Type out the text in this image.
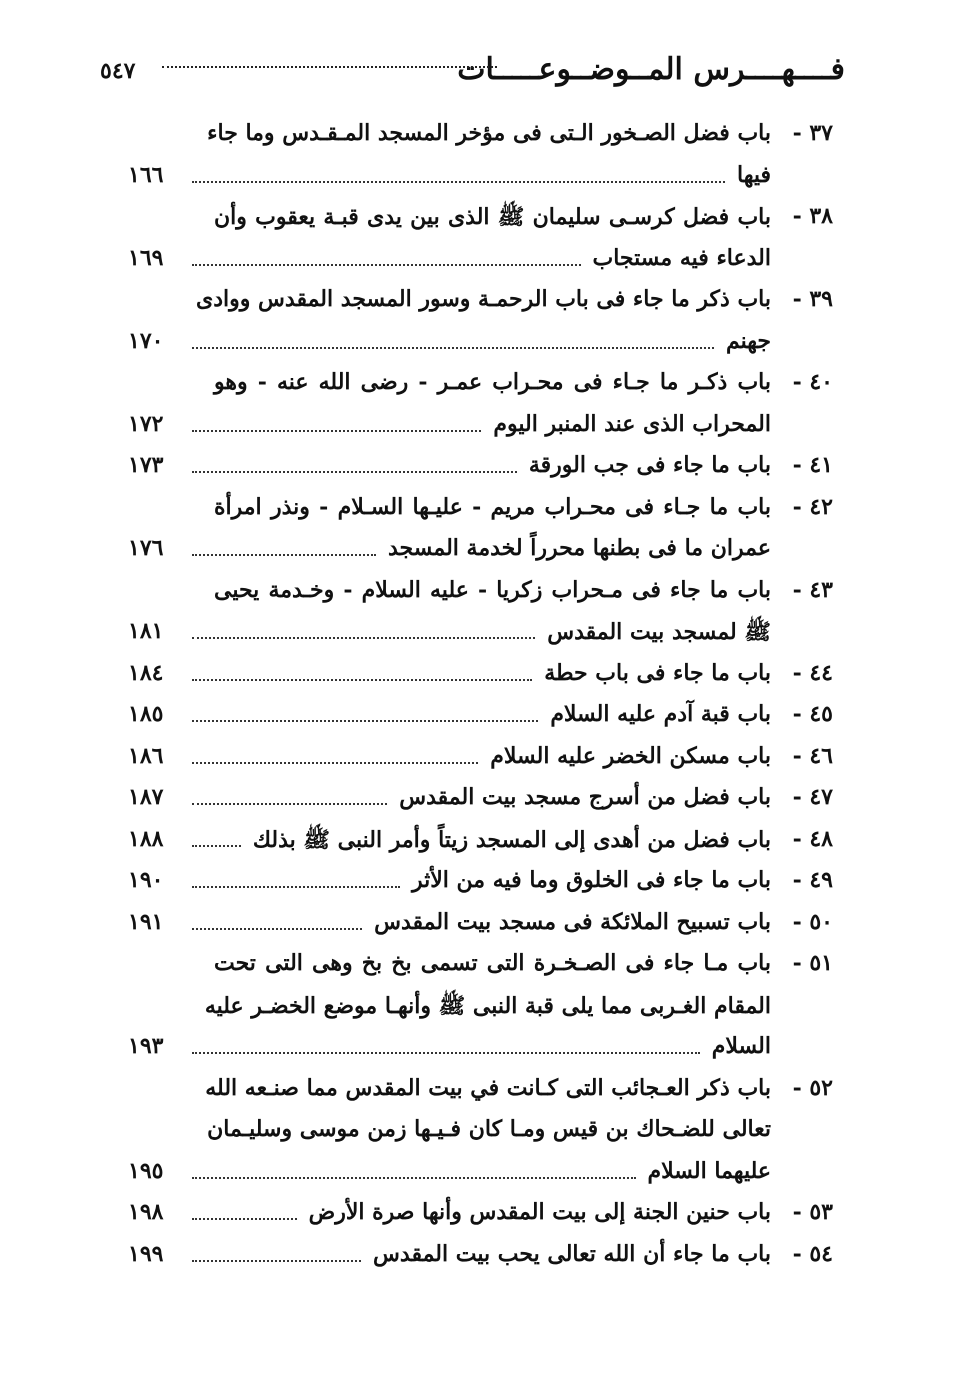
فــــهــــرس المــوضــوعـــــات
٥٤٧
٣٧ -
باب فضل الصـخور الـتى فى مؤخر المسجد المـقـدس وما جاء
فيها
١٦٦
٣٨ -
باب فضل كرسـى سليمان ﷺ الذى بين يدى قبـة يعقوب وأن
الدعاء فيه مستجاب
١٦٩
٣٩ -
باب ذكر ما جاء فى باب الرحمـة وسور المسجد المقدس ووادى
جهنم
١٧٠
٤٠ -
باب ذكـر ما جـاء فى محـراب عمـر - رضى الله عنه - وهو
المحراب الذى عند المنبر اليوم
١٧٢
٤١ -
باب ما جاء فى جب الورقة
١٧٣
٤٢ -
باب ما جـاء فى محـراب مريم - عليـها السـلام - ونذر امرأة
عمران ما فى بطنها محرراً لخدمة المسجد
١٧٦
٤٣ -
باب ما جاء فى مـحراب زكريا - عليه السلام - وخـدمة يحيى
ﷺ لمسجد بيت المقدس
١٨١
٤٤ -
باب ما جاء فى باب حطة
١٨٤
٤٥ -
باب قبة آدم عليه السلام
١٨٥
٤٦ -
باب مسكن الخضر عليه السلام
١٨٦
٤٧ -
باب فضل من أسرج مسجد بيت المقدس
١٨٧
٤٨ -
باب فضل من أهدى إلى المسجد زيتاً وأمر النبى ﷺ بذلك
١٨٨
٤٩ -
باب ما جاء فى الخلوق وما فيه من الأثر
١٩٠
٥٠ -
باب تسبيح الملائكة فى مسجد بيت المقدس
١٩١
٥١ -
باب مـا جاء فى الصـخـرة التى تسمى بخ بخ وهى التى تحت
المقام الغـربى مما يلى قبة النبى ﷺ وأنهـا موضع الخضـر عليه
السلام
١٩٣
٥٢ -
باب ذكر العـجائب التى كـانت في بيت المقدس مما صنـعه الله
تعالى للضـحاك بن قيس ومـا كان فـيـها زمن موسى وسليـمان
عليهما السلام
١٩٥
٥٣ -
باب حنين الجنة إلى بيت المقدس وأنها صرة الأرض
١٩٨
٥٤ -
باب ما جاء أن الله تعالى يحب بيت المقدس
١٩٩
